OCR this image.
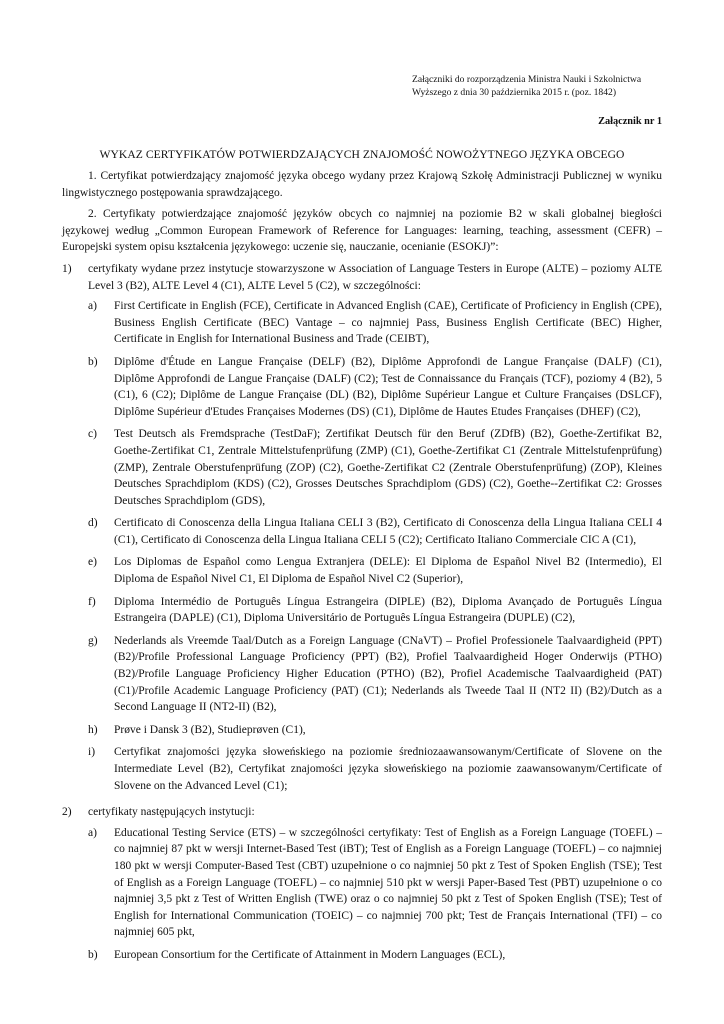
Załączniki do rozporządzenia Ministra Nauki i Szkolnictwa
Wyższego z dnia 30 października 2015 r. (poz. 1842)
Załącznik nr 1
WYKAZ CERTYFIKATÓW POTWIERDZAJĄCYCH ZNAJOMOŚĆ NOWOŻYTNEGO JĘZYKA OBCEGO

1. Certyfikat potwierdzający znajomość języka obcego wydany przez Krajową Szkołę Administracji Publicznej w wyniku lingwistycznego postępowania sprawdzającego.

2. Certyfikaty potwierdzające znajomość języków obcych co najmniej na poziomie B2 w skali globalnej biegłości językowej według „Common European Framework of Reference for Languages: learning, teaching, assessment (CEFR) – Europejski system opisu kształcenia językowego: uczenie się, nauczanie, ocenianie (ESOKJ)”:

1)	certyfikaty wydane przez instytucje stowarzyszone w Association of Language Testers in Europe (ALTE) – poziomy ALTE Level 3 (B2), ALTE Level 4 (C1), ALTE Level 5 (C2), w szczególności:
a)	First Certificate in English (FCE), Certificate in Advanced English (CAE), Certificate of Proficiency in English (CPE), Business English Certificate (BEC) Vantage – co najmniej Pass, Business English Certificate (BEC) Higher, Certificate in English for International Business and Trade (CEIBT),
b)	Diplôme d'Étude en Langue Française (DELF) (B2), Diplôme Approfondi de Langue Française (DALF) (C1), Diplôme Approfondi de Langue Française (DALF) (C2); Test de Connaissance du Français (TCF), poziomy 4 (B2), 5 (C1), 6 (C2); Diplôme de Langue Française (DL) (B2), Diplôme Supérieur Langue et Culture Françaises (DSLCF), Diplôme Supérieur d'Etudes Françaises Modernes (DS) (C1), Diplôme de Hautes Etudes Françaises (DHEF) (C2),
c)	Test Deutsch als Fremdsprache (TestDaF); Zertifikat Deutsch für den Beruf (ZDfB) (B2), Goethe-Zertifikat B2, Goethe-Zertifikat C1, Zentrale Mittelstufenprüfung (ZMP) (C1), Goethe-Zertifikat C1 (Zentrale Mittelstufenprüfung) (ZMP), Zentrale Oberstufenprüfung (ZOP) (C2), Goethe-Zertifikat C2 (Zentrale Oberstufenprüfung) (ZOP), Kleines Deutsches Sprachdiplom (KDS) (C2), Grosses Deutsches Sprachdiplom (GDS) (C2), Goethe--Zertifikat C2: Grosses Deutsches Sprachdiplom (GDS),
d)	Certificato di Conoscenza della Lingua Italiana CELI 3 (B2), Certificato di Conoscenza della Lingua Italiana CELI 4 (C1), Certificato di Conoscenza della Lingua Italiana CELI 5 (C2); Certificato Italiano Commerciale CIC A (C1),
e)	Los Diplomas de Español como Lengua Extranjera (DELE): El Diploma de Español Nivel B2 (Intermedio), El Diploma de Español Nivel C1, El Diploma de Español Nivel C2 (Superior),
f)	Diploma Intermédio de Português Língua Estrangeira (DIPLE) (B2), Diploma Avançado de Português Língua Estrangeira (DAPLE) (C1), Diploma Universitário de Português Língua Estrangeira (DUPLE) (C2),
g)	Nederlands als Vreemde Taal/Dutch as a Foreign Language (CNaVT) – Profiel Professionele Taalvaardigheid (PPT) (B2)/Profile Professional Language Proficiency (PPT) (B2), Profiel Taalvaardigheid Hoger Onderwijs (PTHO) (B2)/Profile Language Proficiency Higher Education (PTHO) (B2), Profiel Academische Taalvaardigheid (PAT) (C1)/Profile Academic Language Proficiency (PAT) (C1); Nederlands als Tweede Taal II (NT2 II) (B2)/Dutch as a Second Language II (NT2-II) (B2),
h)	Prøve i Dansk 3 (B2), Studieprøven (C1),
i)	Certyfikat znajomości języka słoweńskiego na poziomie średniozaawansowanym/Certificate of Slovene on the Intermediate Level (B2), Certyfikat znajomości języka słoweńskiego na poziomie zaawansowanym/Certificate of Slovene on the Advanced Level (C1);
2)	certyfikaty następujących instytucji:
a)	Educational Testing Service (ETS) – w szczególności certyfikaty: Test of English as a Foreign Language (TOEFL) – co najmniej 87 pkt w wersji Internet-Based Test (iBT); Test of English as a Foreign Language (TOEFL) – co najmniej 180 pkt w wersji Computer-Based Test (CBT) uzupełnione o co najmniej 50 pkt z Test of Spoken English (TSE); Test of English as a Foreign Language (TOEFL) – co najmniej 510 pkt w wersji Paper-Based Test (PBT) uzupełnione o co najmniej 3,5 pkt z Test of Written English (TWE) oraz o co najmniej 50 pkt z Test of Spoken English (TSE); Test of English for International Communication (TOEIC) – co najmniej 700 pkt; Test de Français International (TFI) – co najmniej 605 pkt,
b)	European Consortium for the Certificate of Attainment in Modern Languages (ECL),
